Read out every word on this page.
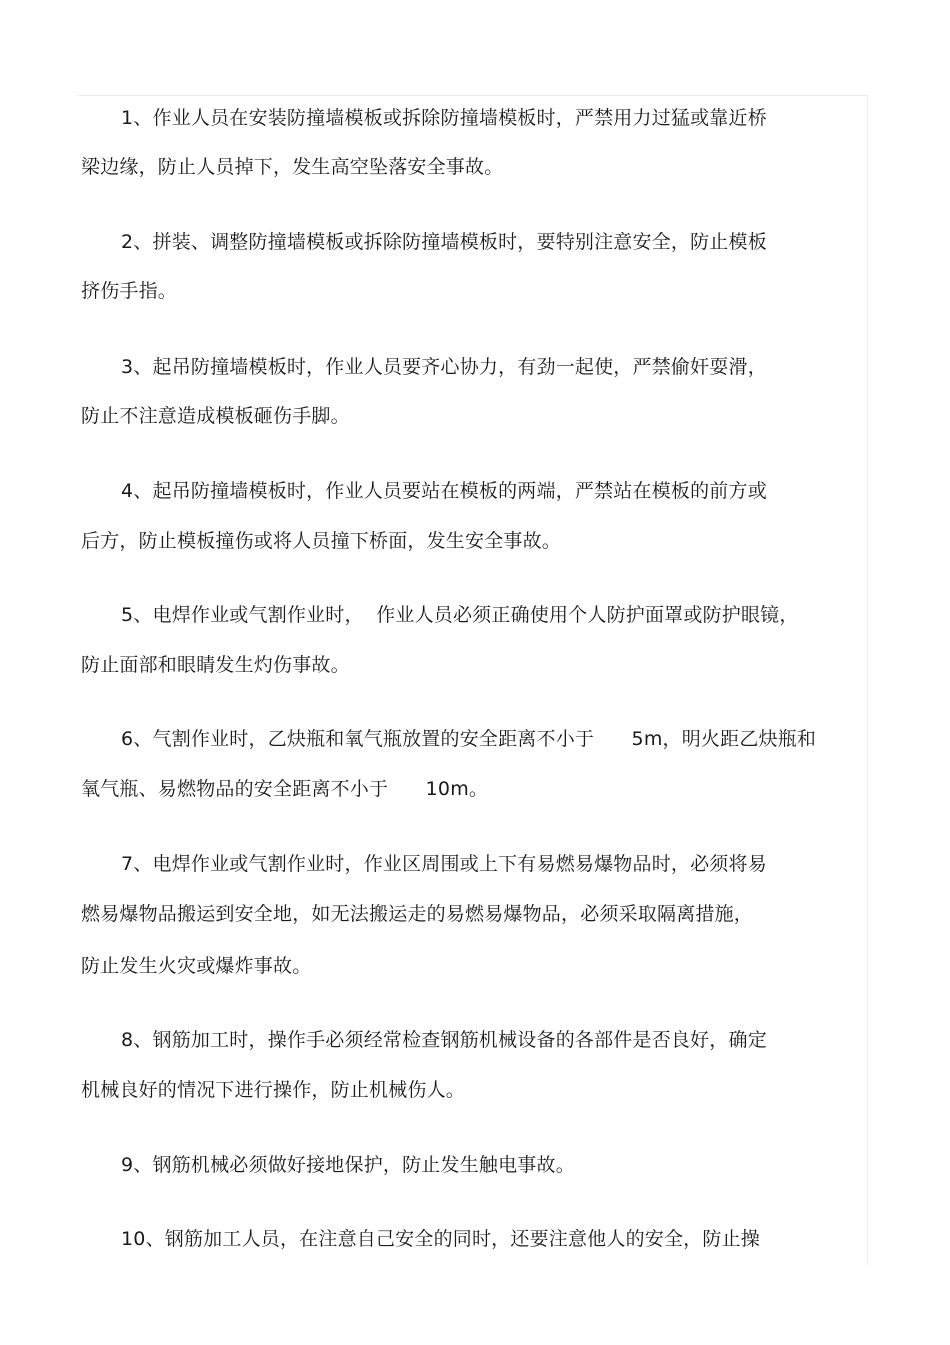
1、作业人员在安装防撞墙模板或拆除防撞墙模板时，严禁用力过猛或靠近桥
梁边缘，防止人员掉下，发生高空坠落安全事故。
2、拼装、调整防撞墙模板或拆除防撞墙模板时，要特别注意安全，防止模板
挤伤手指。
3、起吊防撞墙模板时，作业人员要齐心协力，有劲一起使，严禁偷奸耍滑，
防止不注意造成模板砸伤手脚。
4、起吊防撞墙模板时，作业人员要站在模板的两端，严禁站在模板的前方或
后方，防止模板撞伤或将人员撞下桥面，发生安全事故。
5、电焊作业或气割作业时，  作业人员必须正确使用个人防护面罩或防护眼镜，
防止面部和眼睛发生灼伤事故。
6、气割作业时，乙炔瓶和氧气瓶放置的安全距离不小于      5m，明火距乙炔瓶和
氧气瓶、易燃物品的安全距离不小于      10m。
7、电焊作业或气割作业时，作业区周围或上下有易燃易爆物品时，必须将易
燃易爆物品搬运到安全地，如无法搬运走的易燃易爆物品，必须采取隔离措施，
防止发生火灾或爆炸事故。
8、钢筋加工时，操作手必须经常检查钢筋机械设备的各部件是否良好，确定
机械良好的情况下进行操作，防止机械伤人。
9、钢筋机械必须做好接地保护，防止发生触电事故。
10、钢筋加工人员，在注意自己安全的同时，还要注意他人的安全，防止操
